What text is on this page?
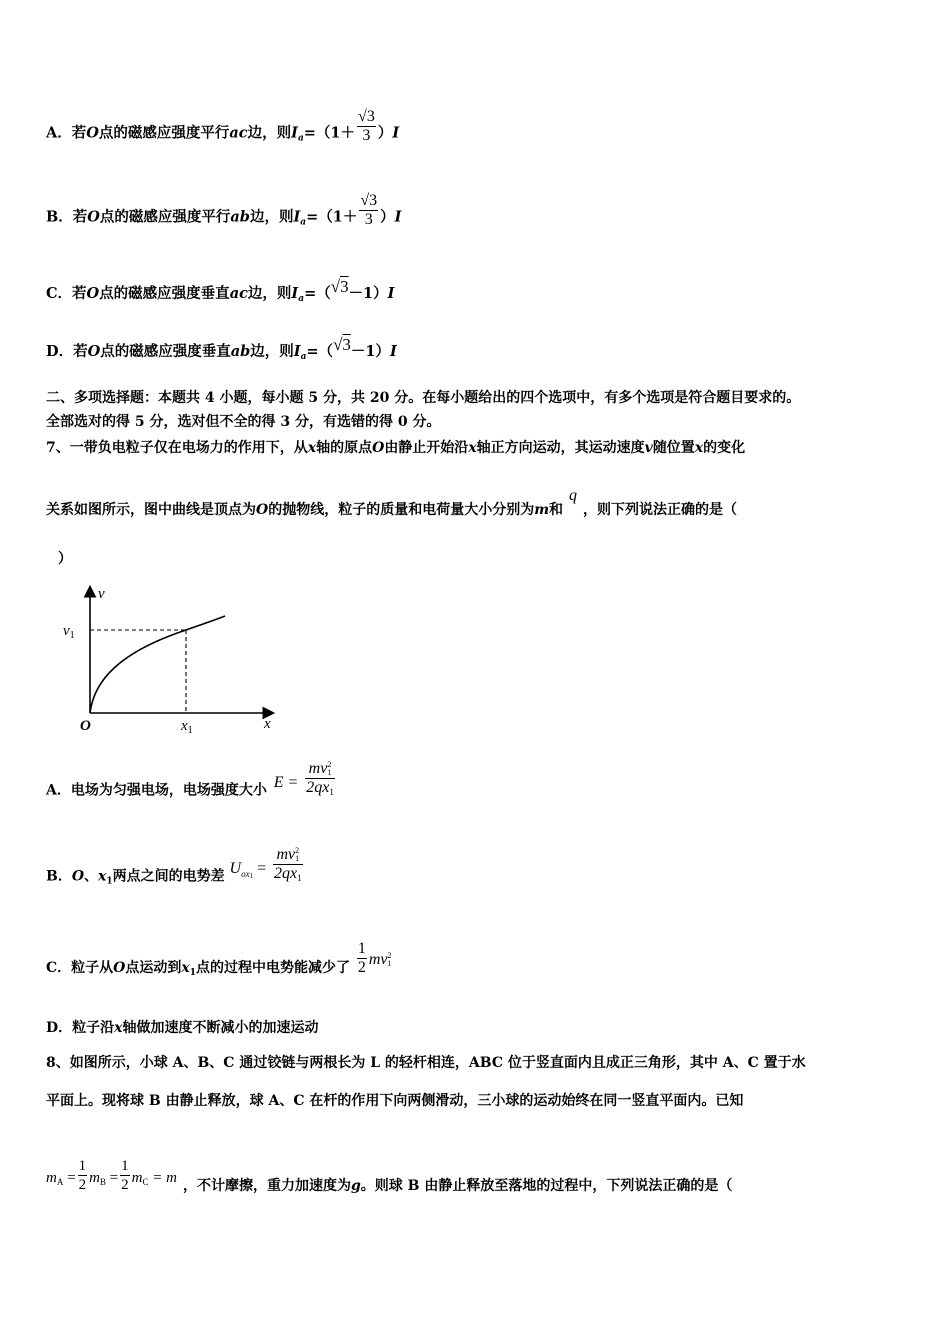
A．若O点的磁感应强度平行ac边，则$I_a=(1+ \frac{√3}{3} )I$
B．若O点的磁感应强度平行ab边，则$I_a=(1+ \frac{√3}{3} )I$
C．若O点的磁感应强度垂直ac边，则$I_a=(√3-1)I$
D．若O点的磁感应强度垂直ab边，则$I_a=(√3-1)I$
二、多项选择题：本题共 4 小题，每小题 5 分，共 20 分。在每小题给出的四个选项中，有多个选项是符合题目要求的。
全部选对的得 5 分，选对但不全的得 3 分，有选错的得 0 分。
7、一带负电粒子仅在电场力的作用下，从x轴的原点O由静止开始沿x轴正方向运动，其运动速度v随位置x的变化
关系如图所示，图中曲线是顶点为O的抛物线，粒子的质量和电荷量大小分别为m和q，则下列说法正确的是（
）
v
$v_1$
O	$x_1$	x
A．电场为匀强电场，电场强度大小 E = mv 2
1
2qx1
B．O、$x_1$两点之间的电势差 $U_{ox1}$ = mv 2
1
2qx1
C．粒子从O点运动到$x_1$点的过程中电势能减少了 $\frac{1}{2}$ mv 2
1
D．粒子沿x轴做加速度不断减小的加速运动
8、如图所示，小球 A、B、C 通过铰链与两根长为 L 的轻杆相连，ABC 位于竖直面内且成正三角形，其中 A、C 置于水
平面上。现将球 B 由静止释放，球 A、C 在杆的作用下向两侧滑动，三小球的运动始终在同一竖直平面内。已知
$m_A = \frac{1}{2} m_B = \frac{1}{2} m_C = m$ ，不计摩擦，重力加速度为g。则球 B 由静止释放至落地的过程中，下列说法正确的是（
